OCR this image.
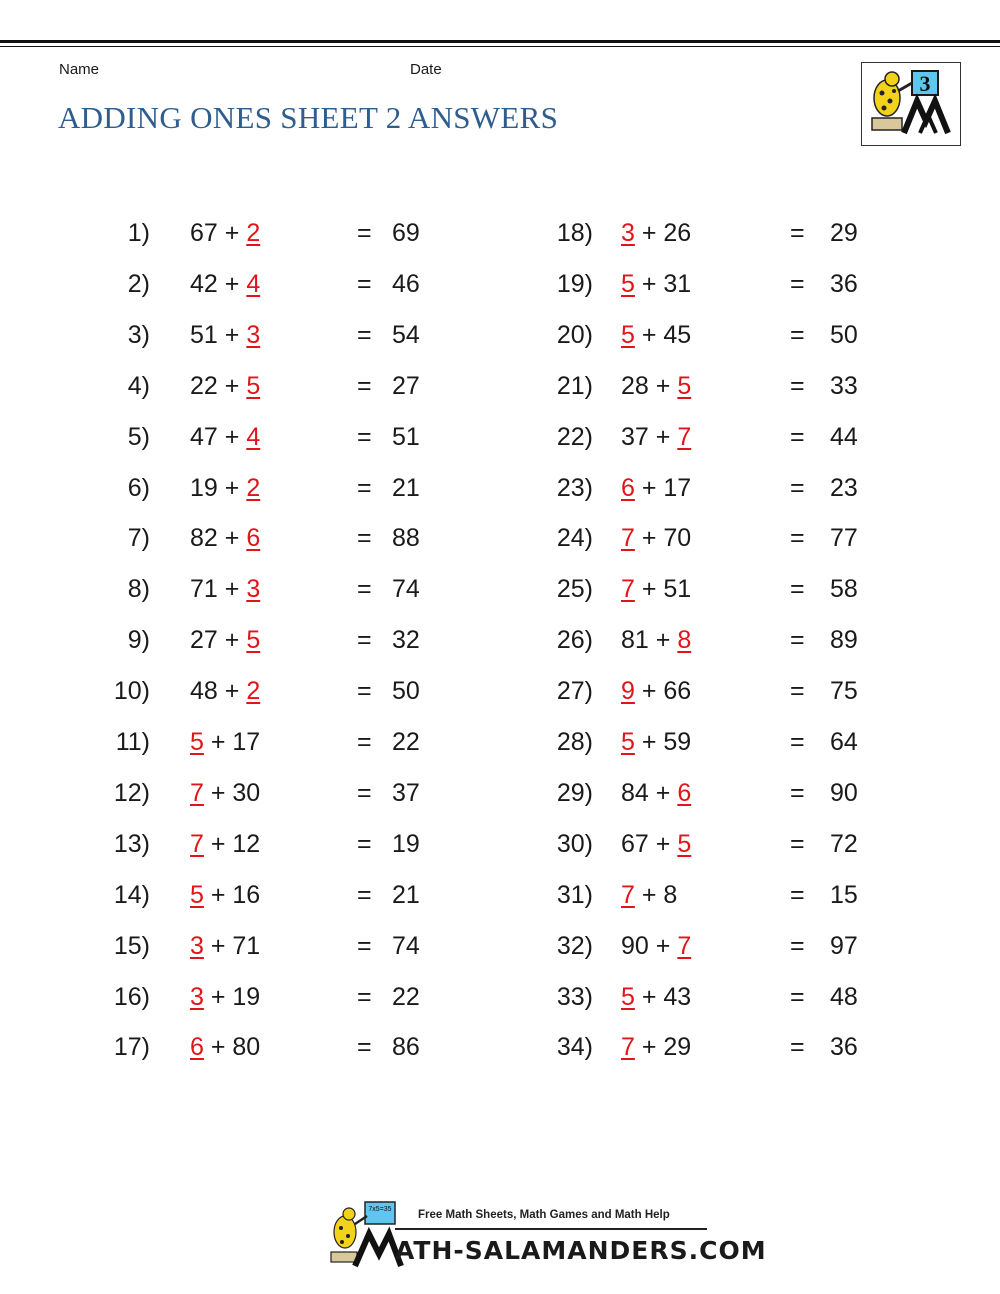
Name	Date
ADDING ONES SHEET 2 ANSWERS
3
1) 67 + 2	= 69
2) 42 + 4	= 46
3) 51 + 3	= 54
4) 22 + 5	= 27
5) 47 + 4	= 51
6) 19 + 2	= 21
7) 82 + 6	= 88
8) 71 + 3	= 74
9) 27 + 5	= 32
10) 48 + 2	= 50
11) 5 + 17	= 22
12) 7 + 30	= 37
13) 7 + 12	= 19
14) 5 + 16	= 21
15) 3 + 71	= 74
16) 3 + 19	= 22
17) 6 + 80	= 86
18) 3 + 26	= 29
19) 5 + 31	= 36
20) 5 + 45	= 50
21) 28 + 5	= 33
22) 37 + 7	= 44
23) 6 + 17	= 23
24) 7 + 70	= 77
25) 7 + 51	= 58
26) 81 + 8	= 89
27) 9 + 66	= 75
28) 5 + 59	= 64
29) 84 + 6	= 90
30) 67 + 5	= 72
31) 7 + 8	= 15
32) 90 + 7	= 97
33) 5 + 43	= 48
34) 7 + 29	= 36
7x5=35 Free Math Sheets, Math Games and Math Help
ATH-SALAMANDERS.COM
